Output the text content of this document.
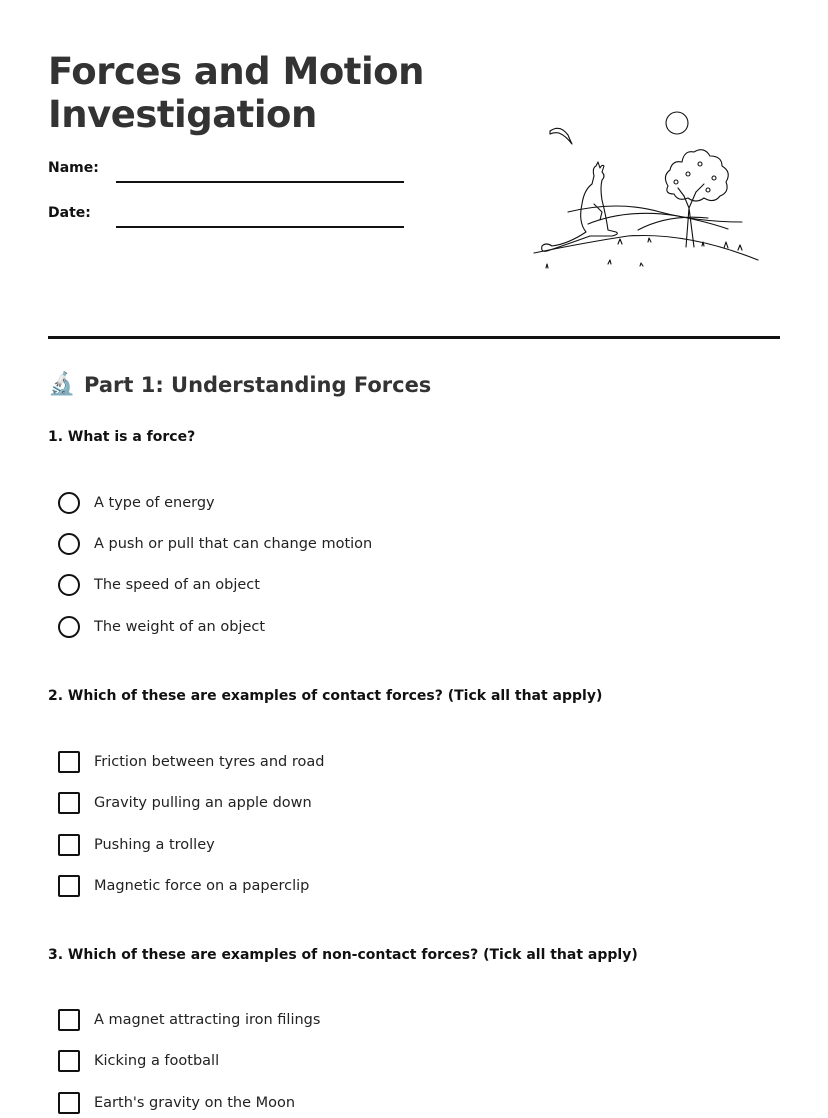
Forces and Motion
Investigation
Name:
Date:
🔬 Part 1: Understanding Forces
1. What is a force?
A type of energy
A push or pull that can change motion
The speed of an object
The weight of an object
2. Which of these are examples of contact forces? (Tick all that apply)
Friction between tyres and road
Gravity pulling an apple down
Pushing a trolley
Magnetic force on a paperclip
3. Which of these are examples of non-contact forces? (Tick all that apply)
A magnet attracting iron filings
Kicking a football
Earth's gravity on the Moon
